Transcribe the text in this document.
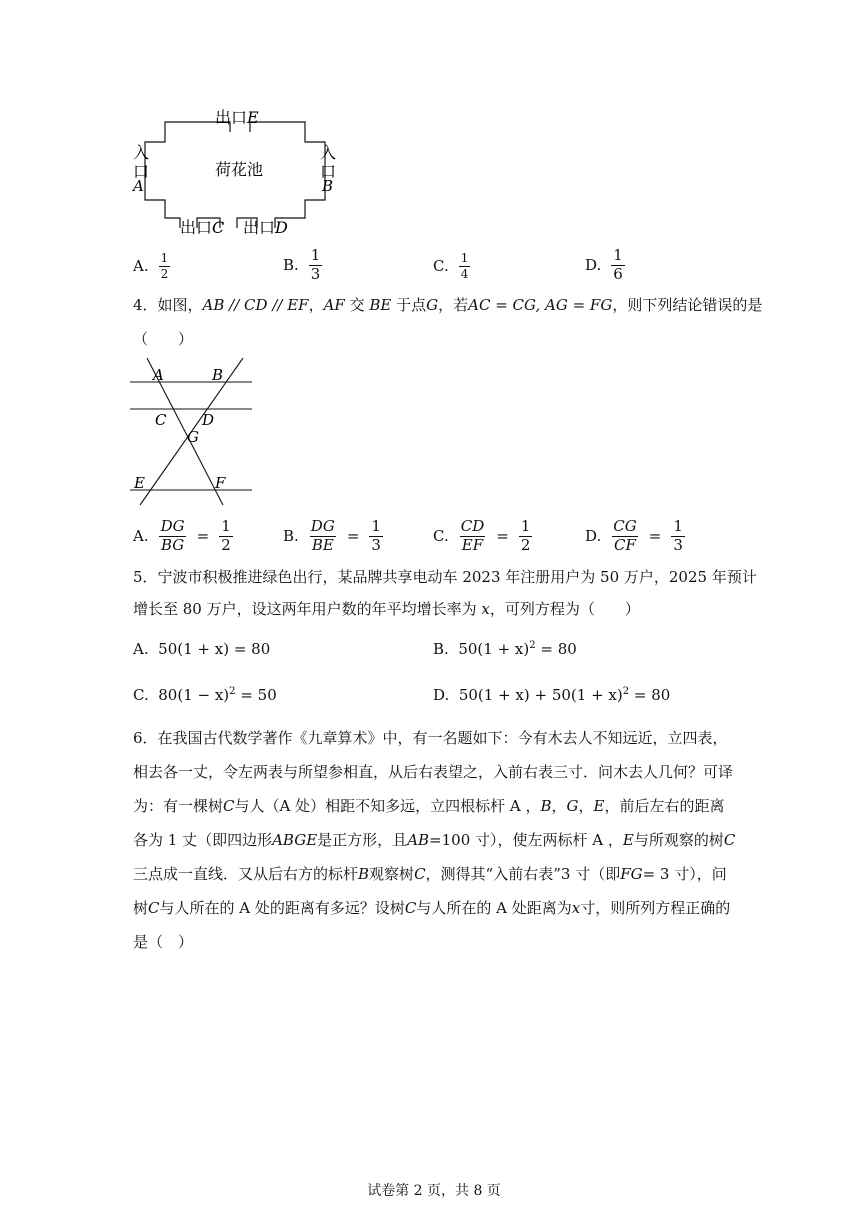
出口E
入
口
A
荷花池
入
口
B
出口C 出口D
A. $\frac{1}{2}$	B. $\frac{1}{3}$	C. $\frac{1}{4}$	D. $\frac{1}{6}$
4．如图，AB // CD // EF，AF 交 BE 于点G，若AC = CG, AG = FG，则下列结论错误的是
（　　）
A	B
C D
G
E	F
A. $\frac{DG}{BG} = \frac{1}{2}$	B. $\frac{DG}{BE} = \frac{1}{3}$	C. $\frac{CD}{EF} = \frac{1}{2}$	D. $\frac{CG}{CF} = \frac{1}{3}$
5．宁波市积极推进绿色出行，某品牌共享电动车 2023 年注册用户为 50 万户，2025 年预计
增长至 80 万户，设这两年用户数的年平均增长率为 x，可列方程为（　　）
A. 50(1 + x) = 80	B. $50(1 + x)^2 = 80$
C. $80(1 - x)^2 = 50$	D. $50(1 + x) + 50(1 + x)^2 = 80$
6．在我国古代数学著作《九章算术》中，有一名题如下：今有木去人不知远近，立四表，
相去各一丈，令左两表与所望参相直，从后右表望之，入前右表三寸．问木去人几何？可译
为：有一棵树C与人（A 处）相距不知多远，立四根标杆 A ，B，G，E，前后左右的距离
各为 1 丈（即四边形ABGE是正方形，且AB=100 寸），使左两标杆 A ，E与所观察的树C
三点成一直线．又从后右方的标杆B观察树C，测得其“入前右表”3 寸（即FG= 3 寸），问
树C与人所在的 A 处的距离有多远？设树C与人所在的 A 处距离为x寸，则所列方程正确的
是（　）
试卷第 2 页，共 8 页
